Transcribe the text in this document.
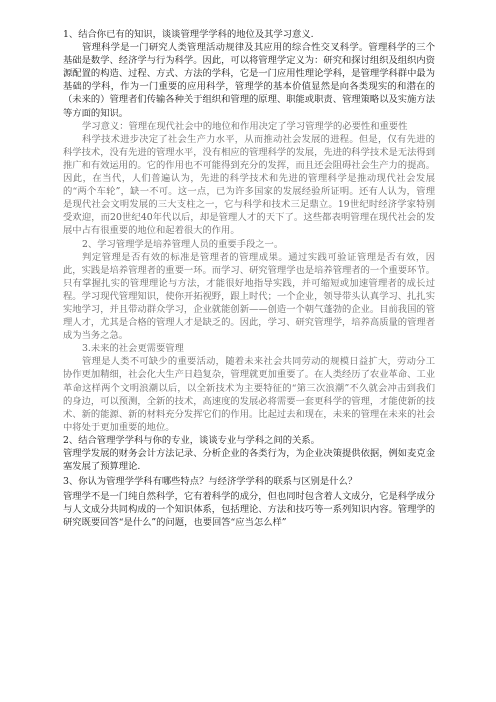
1、结合你已有的知识，谈谈管理学学科的地位及其学习意义.

管理科学是一门研究人类管理活动规律及其应用的综合性交叉科学。管理科学的三个基础是数学、经济学与行为科学。因此，可以将管理学定义为：研究和探讨组织及组织内资源配置的构造、过程、方式、方法的学科，它是一门应用性理论学科，是管理学科群中最为基础的学科，作为一门重要的应用科学，管理学的基本价值显然是向各类现实的和潜在的（未来的）管理者们传输各种关于组织和管理的原理、职能或职责、管理策略以及实施方法等方面的知识。

学习意义：管理在现代社会中的地位和作用决定了学习管理学的必要性和重要性

科学技术进步决定了社会生产力水平，从而推动社会发展的进程。但是，仅有先进的科学技术，没有先进的管理水平，没有相应的管理科学的发展，先进的科学技术是无法得到推广和有效运用的。它的作用也不可能得到充分的发挥，而且还会阻碍社会生产力的提高。因此，在当代，人们普遍认为，先进的科学技术和先进的管理科学是推动现代社会发展的“两个车轮”，缺一不可。这一点，已为许多国家的发展经验所证明。还有人认为，管理是现代社会文明发展的三大支柱之一，它与科学和技术三足鼎立。19世纪时经济学家特别受欢迎，而20世纪40年代以后，却是管理人才的天下了。这些都表明管理在现代社会的发展中占有很重要的地位和起着很大的作用。

2、学习管理学是培养管理人员的重要手段之一。

判定管理是否有效的标准是管理者的管理成果。通过实践可验证管理是否有效，因此，实践是培养管理者的重要一环。而学习、研究管理学也是培养管理者的一个重要环节。只有掌握扎实的管理理论与方法，才能很好地指导实践，并可缩短或加速管理者的成长过程。学习现代管理知识，使你开拓视野，跟上时代；一个企业，领导带头认真学习、扎扎实实地学习，并且带动群众学习，企业就能创新——创造一个朝气蓬勃的企业。目前我国的管理人才，尤其是合格的管理人才是缺乏的。因此，学习、研究管理学，培养高质量的管理者成为当务之急。

3.未来的社会更需要管理

管理是人类不可缺少的重要活动，随着未来社会共同劳动的规模日益扩大，劳动分工协作更加精细，社会化大生产日趋复杂，管理就更加重要了。在人类经历了农业革命、工业革命这样两个文明浪潮以后，以全新技术为主要特征的“第三次浪潮”不久就会冲击到我们的身边，可以预测，全新的技术，高速度的发展必将需要一套更科学的管理，才能使新的技术、新的能源、新的材料充分发挥它们的作用。比起过去和现在，未来的管理在未来的社会中将处于更加重要的地位。

2、结合管理学学科与你的专业，谈谈专业与学科之间的关系。

管理学发展的财务会计方法记录、分析企业的各类行为，为企业决策提供依据，例如麦克金塞发展了预算理论.

3、你认为管理学学科有哪些特点？与经济学学科的联系与区别是什么？

管理学不是一门纯自然科学，它有着科学的成分，但也同时包含着人文成分，它是科学成分与人文成分共同构成的一个知识体系，包括理论、方法和技巧等一系列知识内容。管理学的研究既要回答“是什么”的问题，也要回答“应当怎么样”
